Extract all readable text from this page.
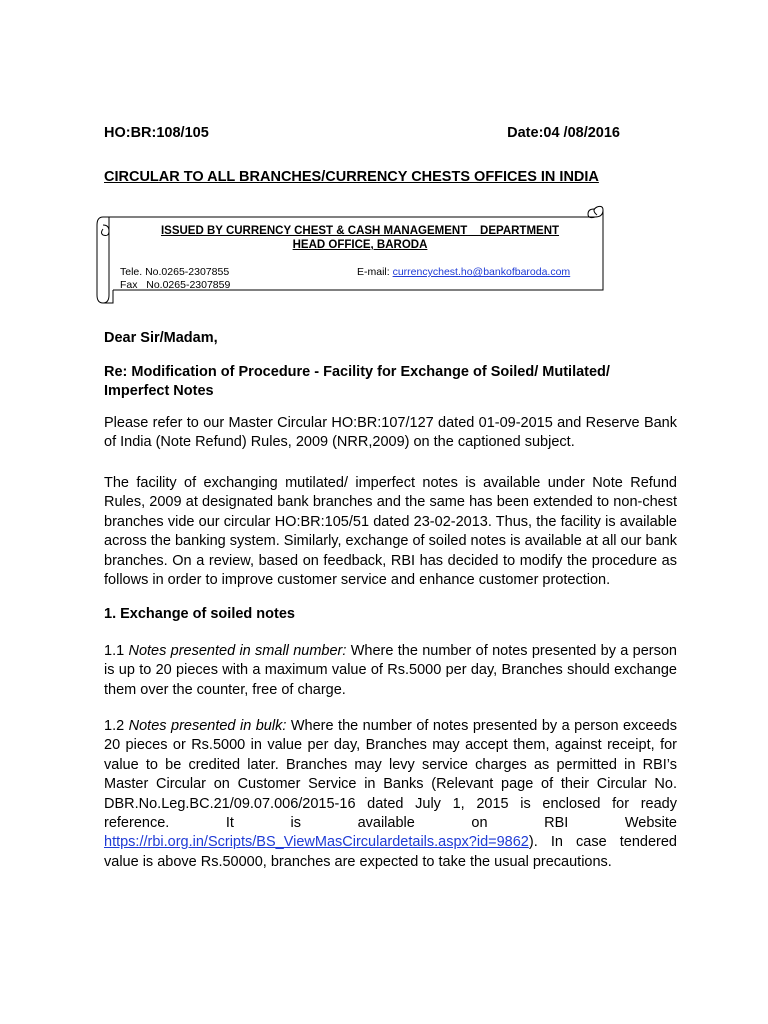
HO:BR:108/105	Date:04 /08/2016
CIRCULAR TO ALL BRANCHES/CURRENCY CHESTS OFFICES IN INDIA
ISSUED BY CURRENCY CHEST & CASH MANAGEMENT    DEPARTMENT
HEAD OFFICE, BARODA
Tele. No.0265-2307855
Fax   No.0265-2307859
E-mail: currencychest.ho@bankofbaroda.com
Dear Sir/Madam,
Re: Modification of Procedure - Facility for Exchange of Soiled/ Mutilated/ Imperfect Notes
Please refer to our Master Circular HO:BR:107/127 dated 01-09-2015 and Reserve Bank of India (Note Refund) Rules, 2009 (NRR,2009) on the captioned subject.
The facility of exchanging mutilated/ imperfect notes is available under Note Refund Rules, 2009 at designated bank branches and the same has been extended to non-chest branches vide our circular HO:BR:105/51 dated 23-02-2013. Thus, the facility is available across the banking system. Similarly, exchange of soiled notes is available at all our bank branches. On a review, based on feedback, RBI has decided to modify the procedure as follows in order to improve customer service and enhance customer protection.
1. Exchange of soiled notes
1.1 Notes presented in small number: Where the number of notes presented by a person is up to 20 pieces with a maximum value of Rs.5000 per day, Branches should exchange them over the counter, free of charge.
1.2 Notes presented in bulk: Where the number of notes presented by a person exceeds 20 pieces or Rs.5000 in value per day, Branches may accept them, against receipt, for value to be credited later. Branches may levy service charges as permitted in RBI’s Master Circular on Customer Service in Banks (Relevant page of their Circular No. DBR.No.Leg.BC.21/09.07.006/2015-16 dated July 1, 2015 is enclosed for ready reference. It is available on RBI Website https://rbi.org.in/Scripts/BS_ViewMasCirculardetails.aspx?id=9862). In case tendered value is above Rs.50000, branches are expected to take the usual precautions.
